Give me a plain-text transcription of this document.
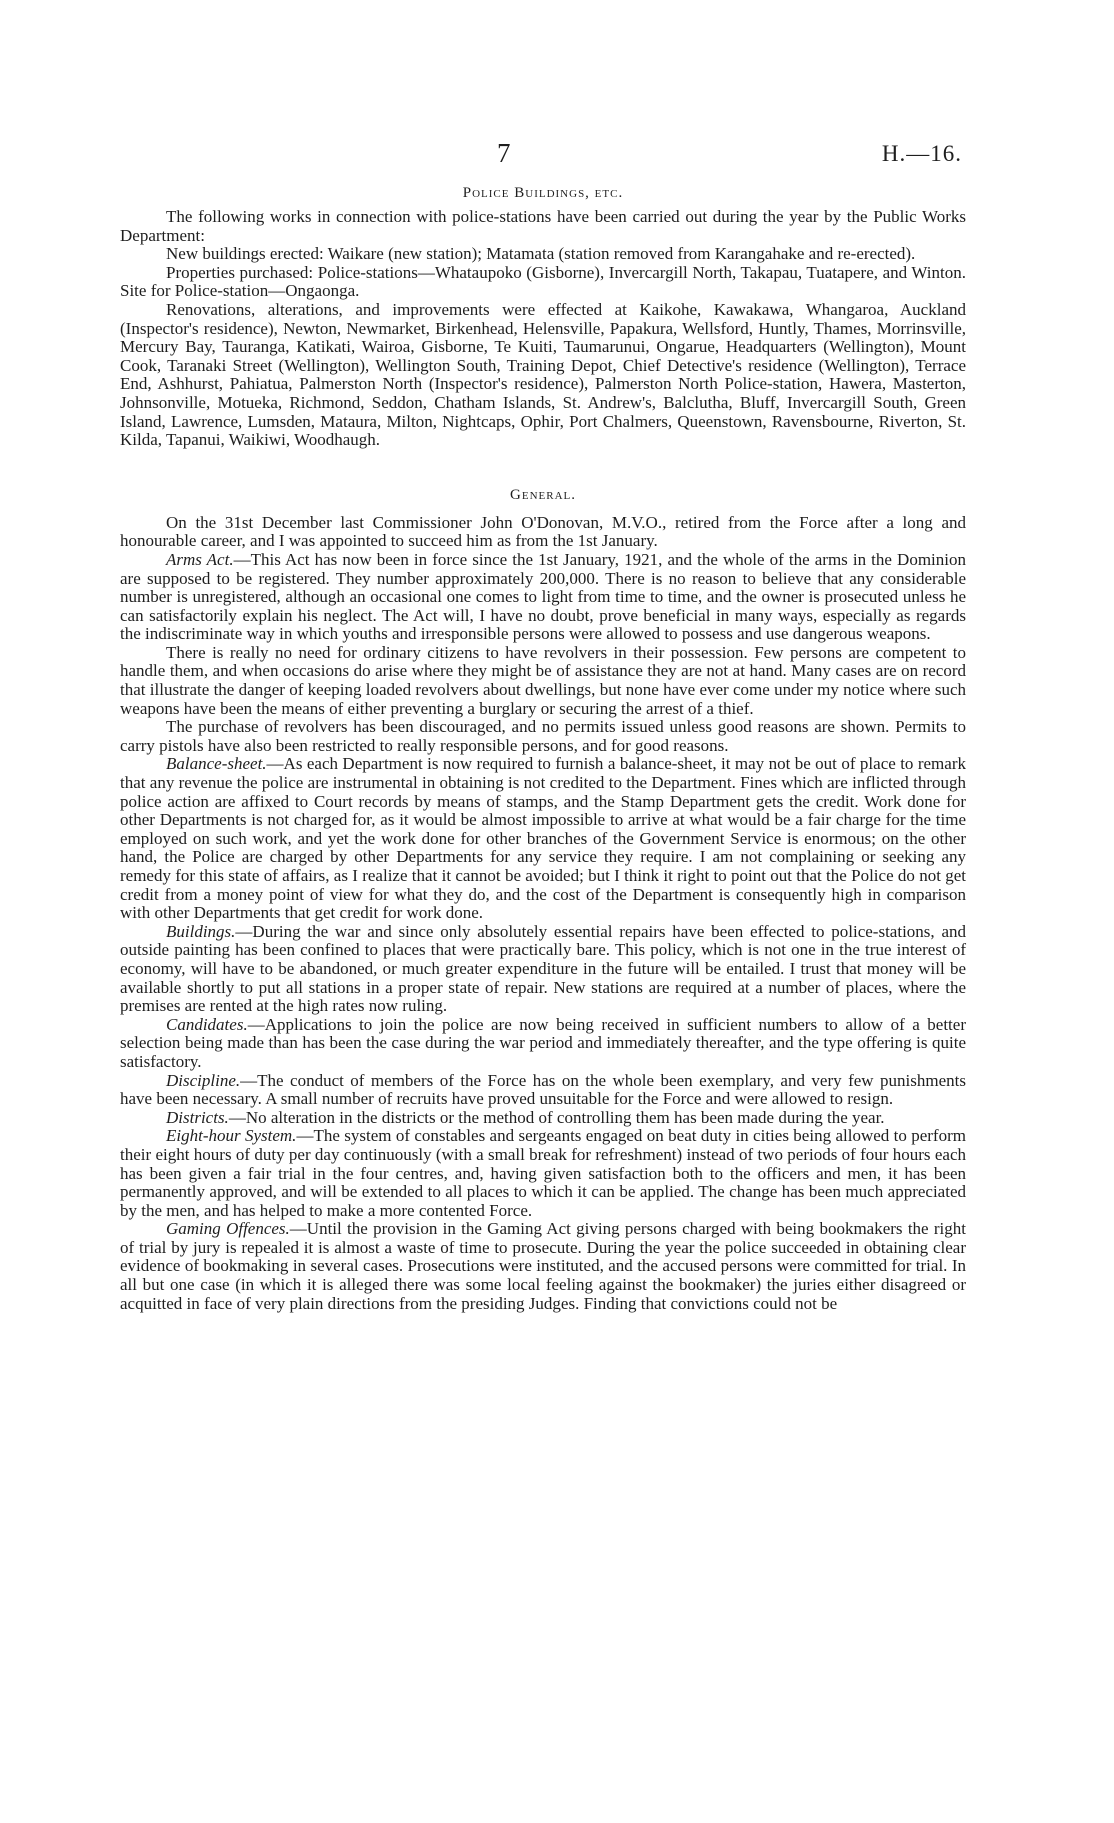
7	H.—16.
Police Buildings, etc.

The following works in connection with police-stations have been carried out during the year by the Public Works Department:

New buildings erected: Waikare (new station); Matamata (station removed from Karangahake and re-erected).

Properties purchased: Police-stations—Whataupoko (Gisborne), Invercargill North, Takapau, Tuatapere, and Winton. Site for Police-station—Ongaonga.

Renovations, alterations, and improvements were effected at Kaikohe, Kawakawa, Whangaroa, Auckland (Inspector's residence), Newton, Newmarket, Birkenhead, Helensville, Papakura, Wellsford, Huntly, Thames, Morrinsville, Mercury Bay, Tauranga, Katikati, Wairoa, Gisborne, Te Kuiti, Taumarunui, Ongarue, Headquarters (Wellington), Mount Cook, Taranaki Street (Wellington), Wellington South, Training Depot, Chief Detective's residence (Wellington), Terrace End, Ashhurst, Pahiatua, Palmerston North (Inspector's residence), Palmerston North Police-station, Hawera, Masterton, Johnsonville, Motueka, Richmond, Seddon, Chatham Islands, St. Andrew's, Balclutha, Bluff, Invercargill South, Green Island, Lawrence, Lumsden, Mataura, Milton, Nightcaps, Ophir, Port Chalmers, Queenstown, Ravensbourne, Riverton, St. Kilda, Tapanui, Waikiwi, Woodhaugh.

General.

On the 31st December last Commissioner John O'Donovan, M.V.O., retired from the Force after a long and honourable career, and I was appointed to succeed him as from the 1st January.

Arms Act.—This Act has now been in force since the 1st January, 1921, and the whole of the arms in the Dominion are supposed to be registered. They number approximately 200,000. There is no reason to believe that any considerable number is unregistered, although an occasional one comes to light from time to time, and the owner is prosecuted unless he can satisfactorily explain his neglect. The Act will, I have no doubt, prove beneficial in many ways, especially as regards the indiscriminate way in which youths and irresponsible persons were allowed to possess and use dangerous weapons.

There is really no need for ordinary citizens to have revolvers in their possession. Few persons are competent to handle them, and when occasions do arise where they might be of assistance they are not at hand. Many cases are on record that illustrate the danger of keeping loaded revolvers about dwellings, but none have ever come under my notice where such weapons have been the means of either preventing a burglary or securing the arrest of a thief.

The purchase of revolvers has been discouraged, and no permits issued unless good reasons are shown. Permits to carry pistols have also been restricted to really responsible persons, and for good reasons.

Balance-sheet.—As each Department is now required to furnish a balance-sheet, it may not be out of place to remark that any revenue the police are instrumental in obtaining is not credited to the Department. Fines which are inflicted through police action are affixed to Court records by means of stamps, and the Stamp Department gets the credit. Work done for other Departments is not charged for, as it would be almost impossible to arrive at what would be a fair charge for the time employed on such work, and yet the work done for other branches of the Government Service is enormous; on the other hand, the Police are charged by other Departments for any service they require. I am not complaining or seeking any remedy for this state of affairs, as I realize that it cannot be avoided; but I think it right to point out that the Police do not get credit from a money point of view for what they do, and the cost of the Department is consequently high in comparison with other Departments that get credit for work done.

Buildings.—During the war and since only absolutely essential repairs have been effected to police-stations, and outside painting has been confined to places that were practically bare. This policy, which is not one in the true interest of economy, will have to be abandoned, or much greater expenditure in the future will be entailed. I trust that money will be available shortly to put all stations in a proper state of repair. New stations are required at a number of places, where the premises are rented at the high rates now ruling.

Candidates.—Applications to join the police are now being received in sufficient numbers to allow of a better selection being made than has been the case during the war period and immediately thereafter, and the type offering is quite satisfactory.

Discipline.—The conduct of members of the Force has on the whole been exemplary, and very few punishments have been necessary. A small number of recruits have proved unsuitable for the Force and were allowed to resign.

Districts.—No alteration in the districts or the method of controlling them has been made during the year.

Eight-hour System.—The system of constables and sergeants engaged on beat duty in cities being allowed to perform their eight hours of duty per day continuously (with a small break for refreshment) instead of two periods of four hours each has been given a fair trial in the four centres, and, having given satisfaction both to the officers and men, it has been permanently approved, and will be extended to all places to which it can be applied. The change has been much appreciated by the men, and has helped to make a more contented Force.

Gaming Offences.—Until the provision in the Gaming Act giving persons charged with being bookmakers the right of trial by jury is repealed it is almost a waste of time to prosecute. During the year the police succeeded in obtaining clear evidence of bookmaking in several cases. Prosecutions were instituted, and the accused persons were committed for trial. In all but one case (in which it is alleged there was some local feeling against the bookmaker) the juries either disagreed or acquitted in face of very plain directions from the presiding Judges. Finding that convictions could not be
